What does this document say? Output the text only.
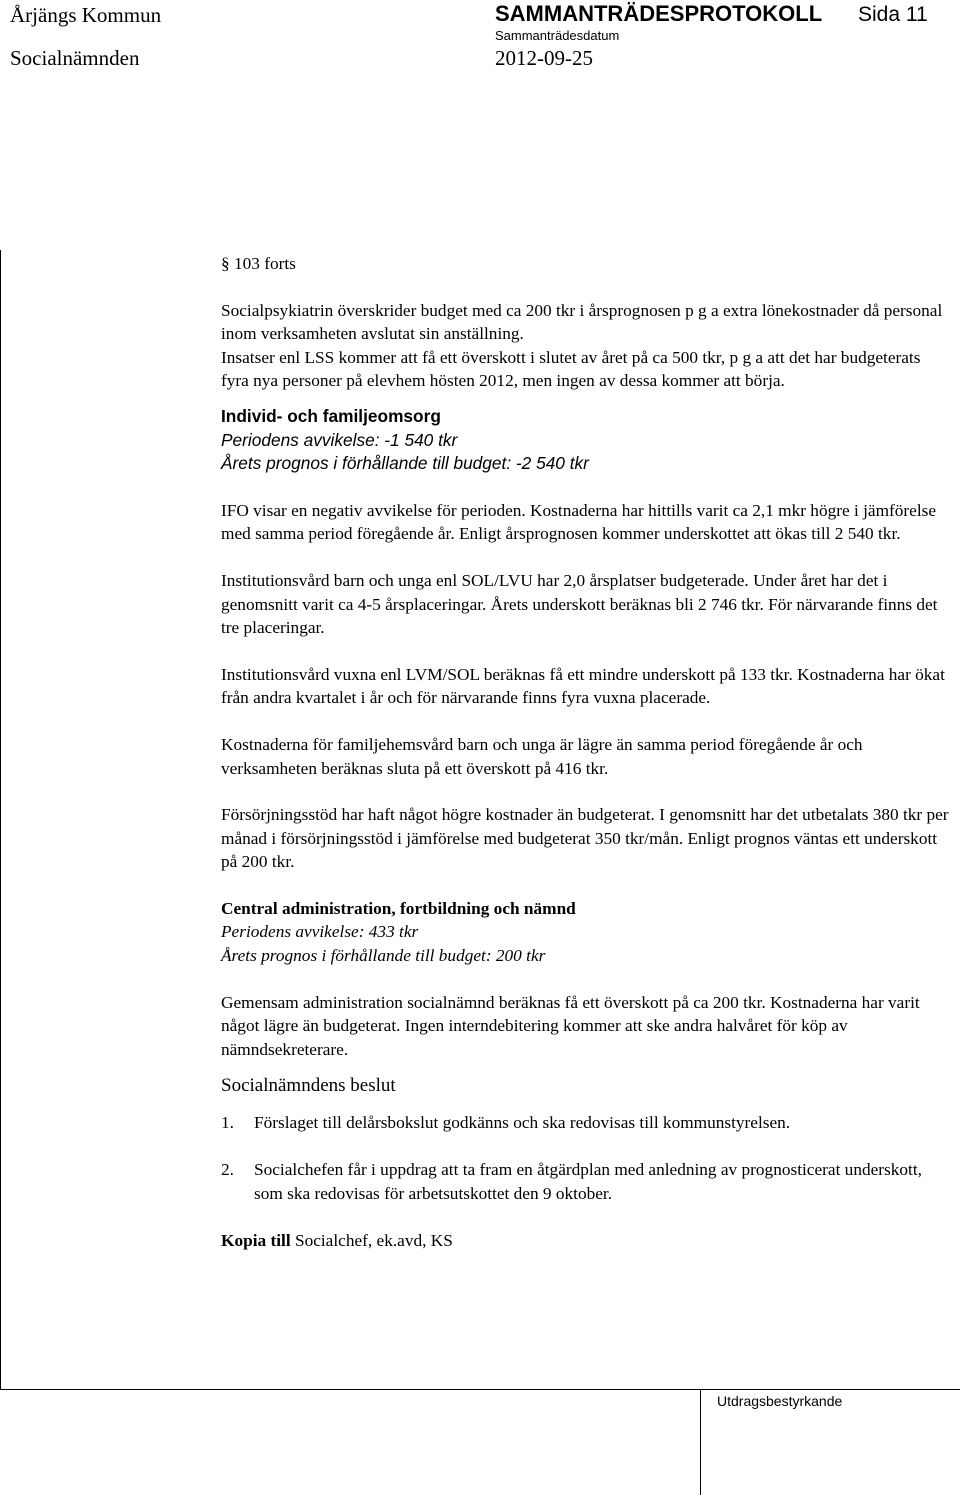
Årjängs Kommun
Socialnämnden
SAMMANTRÄDESPROTOKOLL Sida 11
Sammanträdesdatum
2012-09-25
Utdragsbestyrkande

§ 103 forts

Socialpsykiatrin överskrider budget med ca 200 tkr i årsprognosen p g a extra lönekostnader då personal inom verksamheten avslutat sin anställning.

Insatser enl LSS kommer att få ett överskott i slutet av året på ca 500 tkr, p g a att det har budgeterats fyra nya personer på elevhem hösten 2012, men ingen av dessa kommer att börja.

Individ- och familjeomsorg

Periodens avvikelse: -1 540 tkr

Årets prognos i förhållande till budget: -2 540 tkr

IFO visar en negativ avvikelse för perioden. Kostnaderna har hittills varit ca 2,1 mkr högre i jämförelse med samma period föregående år. Enligt årsprognosen kommer underskottet att ökas till 2 540 tkr.

Institutionsvård barn och unga enl SOL/LVU har 2,0 årsplatser budgeterade. Under året har det i genomsnitt varit ca 4-5 årsplaceringar. Årets underskott beräknas bli 2 746 tkr. För närvarande finns det tre placeringar.

Institutionsvård vuxna enl LVM/SOL beräknas få ett mindre underskott på 133 tkr. Kostnaderna har ökat från andra kvartalet i år och för närvarande finns fyra vuxna placerade.

Kostnaderna för familjehemsvård barn och unga är lägre än samma period föregående år och verksamheten beräknas sluta på ett överskott på 416 tkr.

Försörjningsstöd har haft något högre kostnader än budgeterat. I genomsnitt har det utbetalats 380 tkr per månad i försörjningsstöd i jämförelse med budgeterat 350 tkr/mån. Enligt prognos väntas ett underskott på 200 tkr.

Central administration, fortbildning och nämnd

Periodens avvikelse: 433 tkr

Årets prognos i förhållande till budget: 200 tkr

Gemensam administration socialnämnd beräknas få ett överskott på ca 200 tkr. Kostnaderna har varit något lägre än budgeterat. Ingen interndebitering kommer att ske andra halvåret för köp av nämndsekreterare.

Socialnämndens beslut

1.	Förslaget till delårsbokslut godkänns och ska redovisas till kommunstyrelsen.
2.	Socialchefen får i uppdrag att ta fram en åtgärdplan med anledning av prognosticerat underskott, som ska redovisas för arbetsutskottet den 9 oktober.

Kopia till Socialchef, ek.avd, KS
